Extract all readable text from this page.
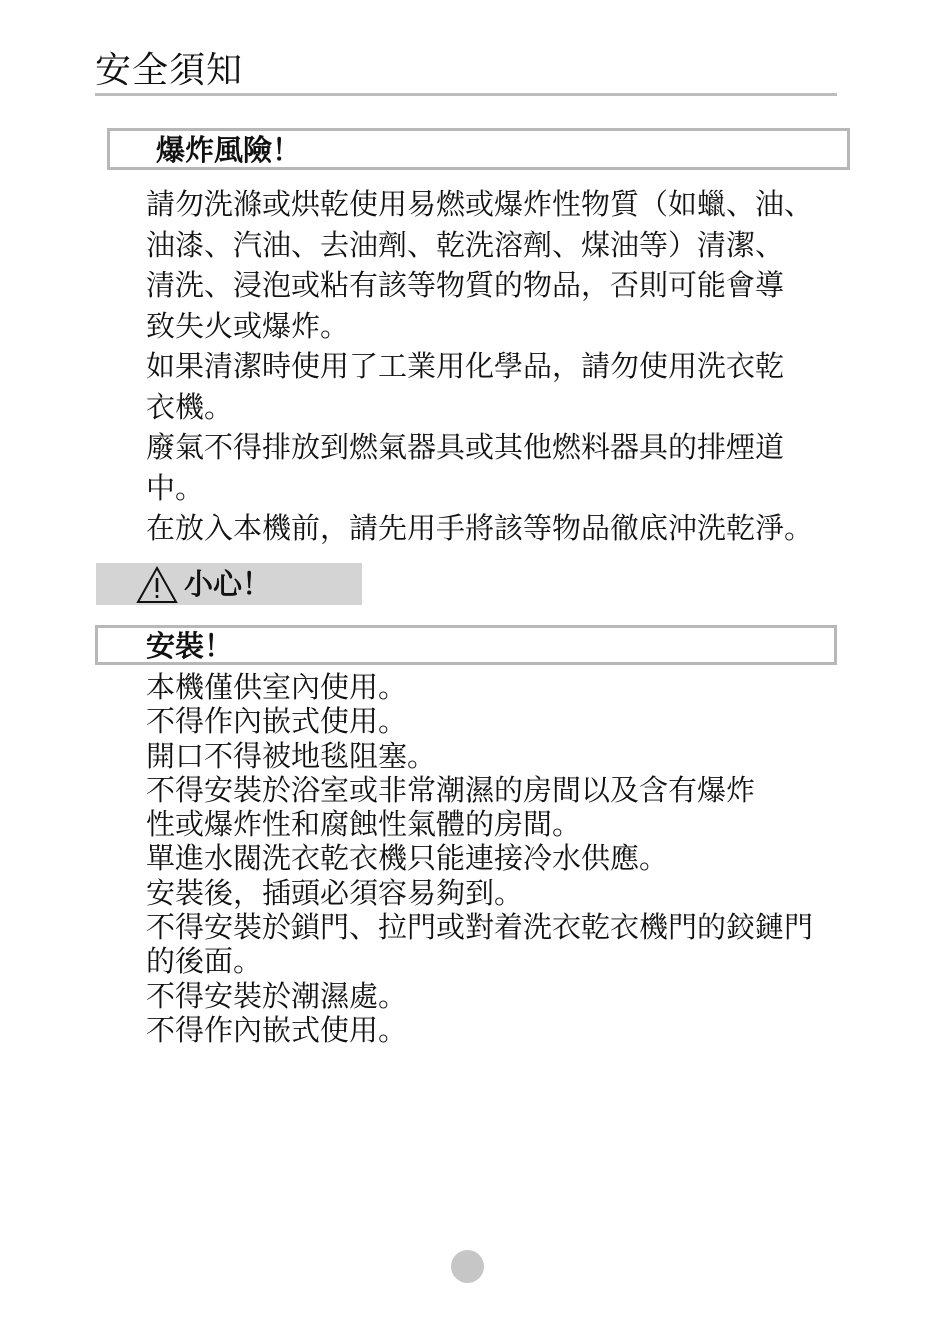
安全須知
爆炸風險！

請勿洗滌或烘乾使用易燃或爆炸性物質（如蠟、油、

油漆、汽油、去油劑、乾洗溶劑、煤油等）清潔、

清洗、浸泡或粘有該等物質的物品，否則可能會導

致失火或爆炸。

如果清潔時使用了工業用化學品，請勿使用洗衣乾

衣機。

廢氣不得排放到燃氣器具或其他燃料器具的排煙道

中。

在放入本機前，請先用手將該等物品徹底沖洗乾淨。

小心！
安裝！

本機僅供室內使用。

不得作內嵌式使用。

開口不得被地毯阻塞。

不得安裝於浴室或非常潮濕的房間以及含有爆炸

性或爆炸性和腐蝕性氣體的房間。

單進水閥洗衣乾衣機只能連接冷水供應。

安裝後，插頭必須容易夠到。

不得安裝於鎖門、拉門或對着洗衣乾衣機門的鉸鏈門

的後面。

不得安裝於潮濕處。

不得作內嵌式使用。
